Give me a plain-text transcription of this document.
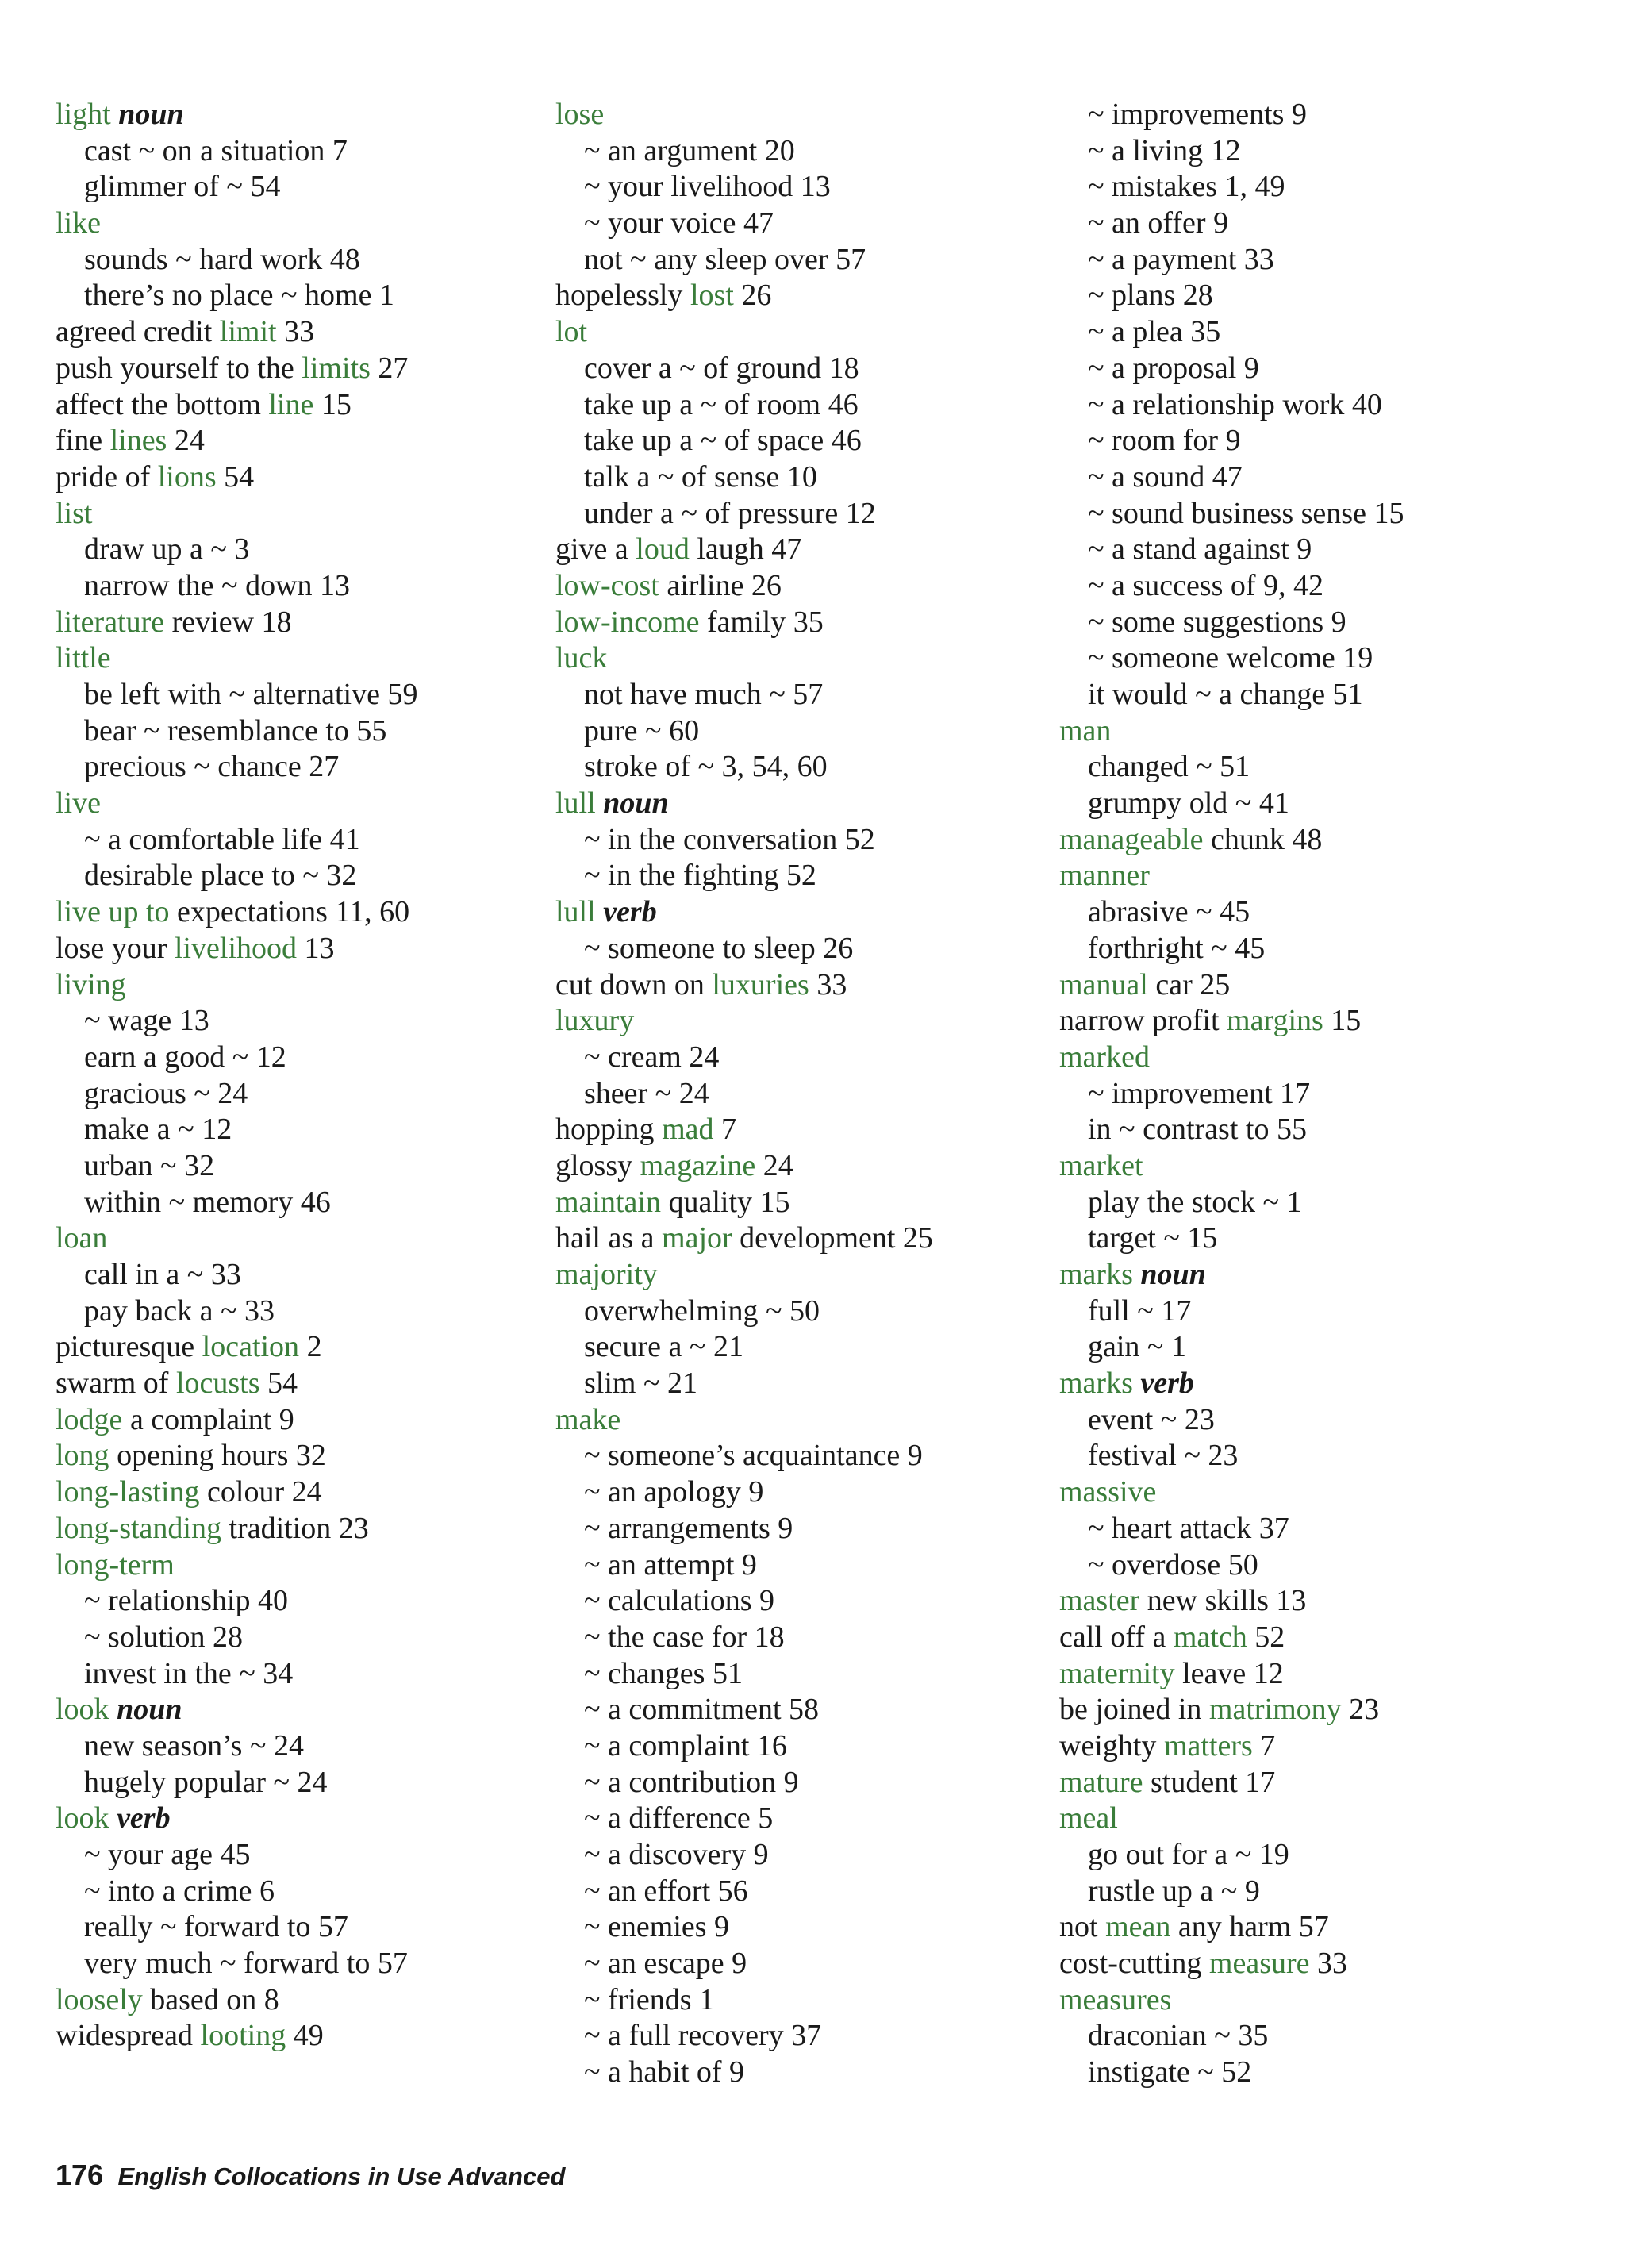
light noun
cast ~ on a situation 7
glimmer of ~ 54
like
sounds ~ hard work 48
there’s no place ~ home 1
agreed credit limit 33
push yourself to the limits 27
affect the bottom line 15
fine lines 24
pride of lions 54
list
draw up a ~ 3
narrow the ~ down 13
literature review 18
little
be left with ~ alternative 59
bear ~ resemblance to 55
precious ~ chance 27
live
~ a comfortable life 41
desirable place to ~ 32
live up to expectations 11, 60
lose your livelihood 13
living
~ wage 13
earn a good ~ 12
gracious ~ 24
make a ~ 12
urban ~ 32
within ~ memory 46
loan
call in a ~ 33
pay back a ~ 33
picturesque location 2
swarm of locusts 54
lodge a complaint 9
long opening hours 32
long-lasting colour 24
long-standing tradition 23
long-term
~ relationship 40
~ solution 28
invest in the ~ 34
look noun
new season’s ~ 24
hugely popular ~ 24
look verb
~ your age 45
~ into a crime 6
really ~ forward to 57
very much ~ forward to 57
loosely based on 8
widespread looting 49
lose
~ an argument 20
~ your livelihood 13
~ your voice 47
not ~ any sleep over 57
hopelessly lost 26
lot
cover a ~ of ground 18
take up a ~ of room 46
take up a ~ of space 46
talk a ~ of sense 10
under a ~ of pressure 12
give a loud laugh 47
low-cost airline 26
low-income family 35
luck
not have much ~ 57
pure ~ 60
stroke of ~ 3, 54, 60
lull noun
~ in the conversation 52
~ in the fighting 52
lull verb
~ someone to sleep 26
cut down on luxuries 33
luxury
~ cream 24
sheer ~ 24
hopping mad 7
glossy magazine 24
maintain quality 15
hail as a major development 25
majority
overwhelming ~ 50
secure a ~ 21
slim ~ 21
make
~ someone’s acquaintance 9
~ an apology 9
~ arrangements 9
~ an attempt 9
~ calculations 9
~ the case for 18
~ changes 51
~ a commitment 58
~ a complaint 16
~ a contribution 9
~ a difference 5
~ a discovery 9
~ an effort 56
~ enemies 9
~ an escape 9
~ friends 1
~ a full recovery 37
~ a habit of 9
~ improvements 9
~ a living 12
~ mistakes 1, 49
~ an offer 9
~ a payment 33
~ plans 28
~ a plea 35
~ a proposal 9
~ a relationship work 40
~ room for 9
~ a sound 47
~ sound business sense 15
~ a stand against 9
~ a success of 9, 42
~ some suggestions 9
~ someone welcome 19
it would ~ a change 51
man
changed ~ 51
grumpy old ~ 41
manageable chunk 48
manner
abrasive ~ 45
forthright ~ 45
manual car 25
narrow profit margins 15
marked
~ improvement 17
in ~ contrast to 55
market
play the stock ~ 1
target ~ 15
marks noun
full ~ 17
gain ~ 1
marks verb
event ~ 23
festival ~ 23
massive
~ heart attack 37
~ overdose 50
master new skills 13
call off a match 52
maternity leave 12
be joined in matrimony 23
weighty matters 7
mature student 17
meal
go out for a ~ 19
rustle up a ~ 9
not mean any harm 57
cost-cutting measure 33
measures
draconian ~ 35
instigate ~ 52
176 English Collocations in Use Advanced
